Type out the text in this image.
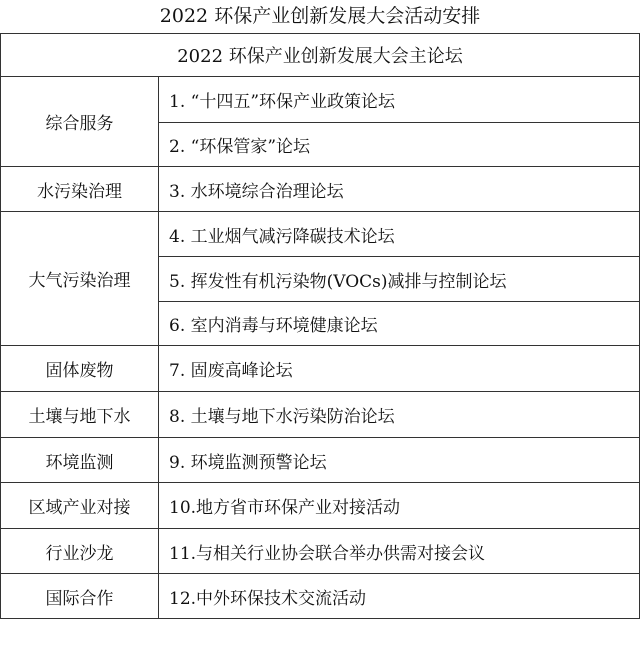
2022 环保产业创新发展大会活动安排
2022 环保产业创新发展大会主论坛	
综合服务	1. “十四五”环保产业政策论坛
	2. “环保管家”论坛
水污染治理	3. 水环境综合治理论坛
大气污染治理	4. 工业烟气减污降碳技术论坛
	5. 挥发性有机污染物(VOCs)减排与控制论坛
	6. 室内消毒与环境健康论坛
固体废物	7. 固废高峰论坛
土壤与地下水	8. 土壤与地下水污染防治论坛
环境监测	9. 环境监测预警论坛
区域产业对接	10.地方省市环保产业对接活动
行业沙龙	11.与相关行业协会联合举办供需对接会议
国际合作	12.中外环保技术交流活动
